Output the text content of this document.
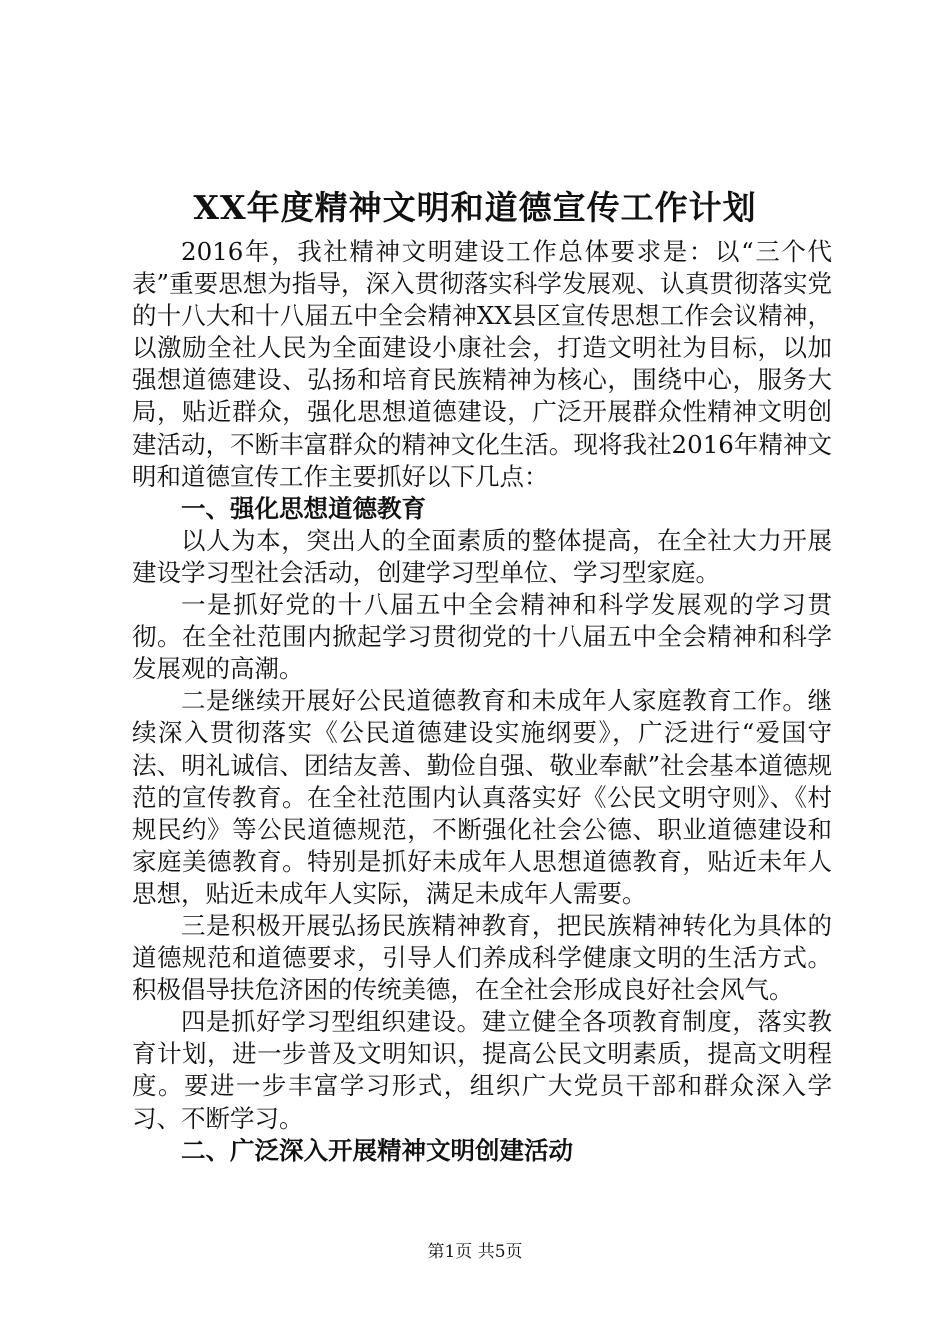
XX年度精神文明和道德宣传工作计划

2016年，我社精神文明建设工作总体要求是：以“三个代表”重要思想为指导，深入贯彻落实科学发展观、认真贯彻落实党的十八大和十八届五中全会精神XX县区宣传思想工作会议精神，以激励全社人民为全面建设小康社会，打造文明社为目标，以加强想道德建设、弘扬和培育民族精神为核心，围绕中心，服务大局，贴近群众，强化思想道德建设，广泛开展群众性精神文明创建活动，不断丰富群众的精神文化生活。现将我社2016年精神文明和道德宣传工作主要抓好以下几点：

一、强化思想道德教育

以人为本，突出人的全面素质的整体提高，在全社大力开展建设学习型社会活动，创建学习型单位、学习型家庭。

一是抓好党的十八届五中全会精神和科学发展观的学习贯彻。在全社范围内掀起学习贯彻党的十八届五中全会精神和科学发展观的高潮。

二是继续开展好公民道德教育和未成年人家庭教育工作。继续深入贯彻落实《公民道德建设实施纲要》，广泛进行“爱国守法、明礼诚信、团结友善、勤俭自强、敬业奉献”社会基本道德规范的宣传教育。在全社范围内认真落实好《公民文明守则》、《村规民约》等公民道德规范，不断强化社会公德、职业道德建设和家庭美德教育。特别是抓好未成年人思想道德教育，贴近未年人思想，贴近未成年人实际，满足未成年人需要。

三是积极开展弘扬民族精神教育，把民族精神转化为具体的道德规范和道德要求，引导人们养成科学健康文明的生活方式。积极倡导扶危济困的传统美德，在全社会形成良好社会风气。

四是抓好学习型组织建设。建立健全各项教育制度，落实教育计划，进一步普及文明知识，提高公民文明素质，提高文明程度。要进一步丰富学习形式，组织广大党员干部和群众深入学习、不断学习。

二、广泛深入开展精神文明创建活动
第1页 共5页
